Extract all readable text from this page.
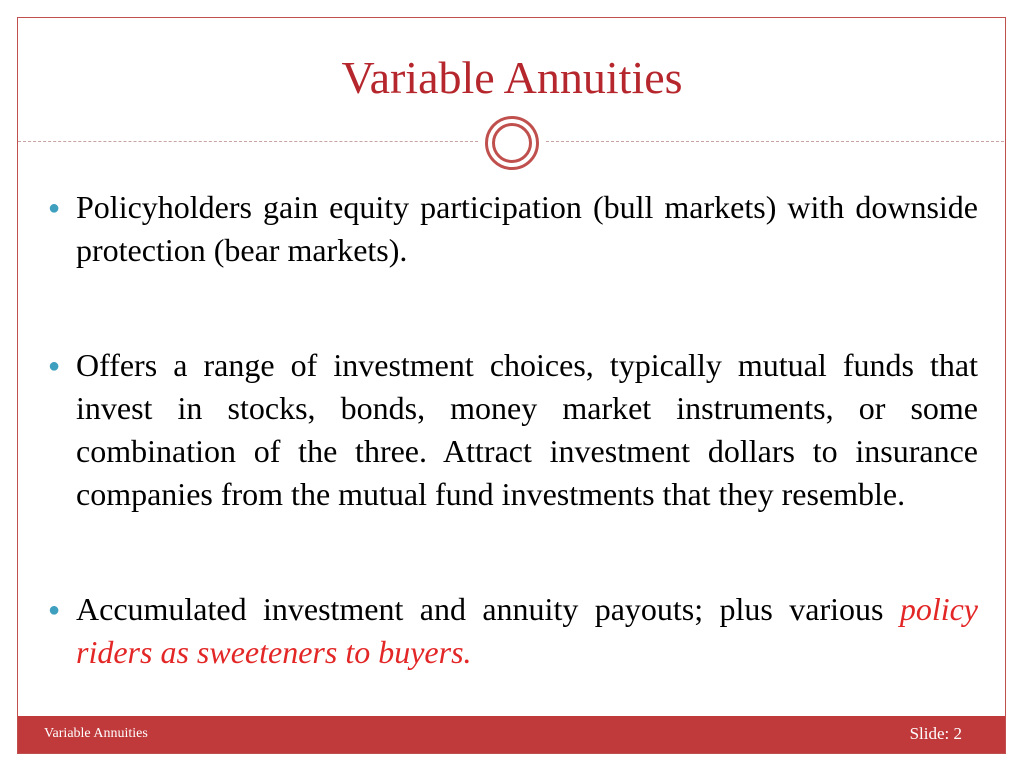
Variable Annuities
● Policyholders gain equity participation (bull markets) with downside protection (bear markets).
● Offers a range of investment choices, typically mutual funds that invest in stocks, bonds, money market instruments, or some combination of the three. Attract investment dollars to insurance companies from the mutual fund investments that they resemble.
● Accumulated investment and annuity payouts; plus various policy riders as sweeteners to buyers.
Variable Annuities	Slide: 2
